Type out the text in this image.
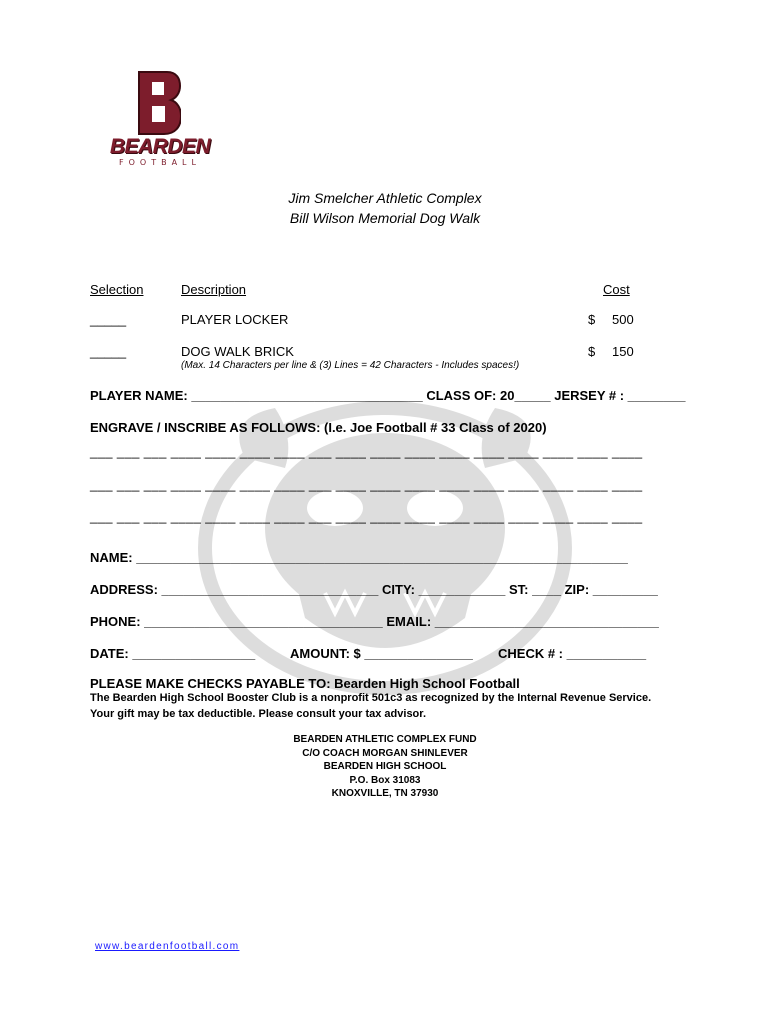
BEARDEN
FOOTBALL
Jim Smelcher Athletic Complex
Bill Wilson Memorial Dog Walk
Selection	Description	Cost
_____	PLAYER LOCKER	$ 500
_____	DOG WALK BRICK	$ 150
(Max. 14 Characters per line & (3) Lines = 42 Characters - Includes spaces!)
PLAYER NAME: ________________________________ CLASS OF: 20_____ JERSEY # : ________
ENGRAVE / INSCRIBE AS FOLLOWS: (I.e. Joe Football # 33 Class of 2020)
___ ___ ___ ____ ____ ____ ____ ___ ____ ____ ____ ____ ____ ____ ____ ____ ____
___ ___ ___ ____ ____ ____ ____ ___ ____ ____ ____ ____ ____ ____ ____ ____ ____
___ ___ ___ ____ ____ ____ ____ ___ ____ ____ ____ ____ ____ ____ ____ ____ ____
NAME: ____________________________________________________________________
ADDRESS: ______________________________ CITY: ____________ ST: ____ ZIP: _________
PHONE: _________________________________ EMAIL: _______________________________
DATE: _________________	AMOUNT: $ _______________ CHECK # : ___________
PLEASE MAKE CHECKS PAYABLE TO: Bearden High School Football
The Bearden High School Booster Club is a nonprofit 501c3 as recognized by the Internal Revenue Service.
Your gift may be tax deductible. Please consult your tax advisor.
BEARDEN ATHLETIC COMPLEX FUND
C/O COACH MORGAN SHINLEVER
BEARDEN HIGH SCHOOL
P.O. Box 31083
KNOXVILLE, TN 37930
www.beardenfootball.com
